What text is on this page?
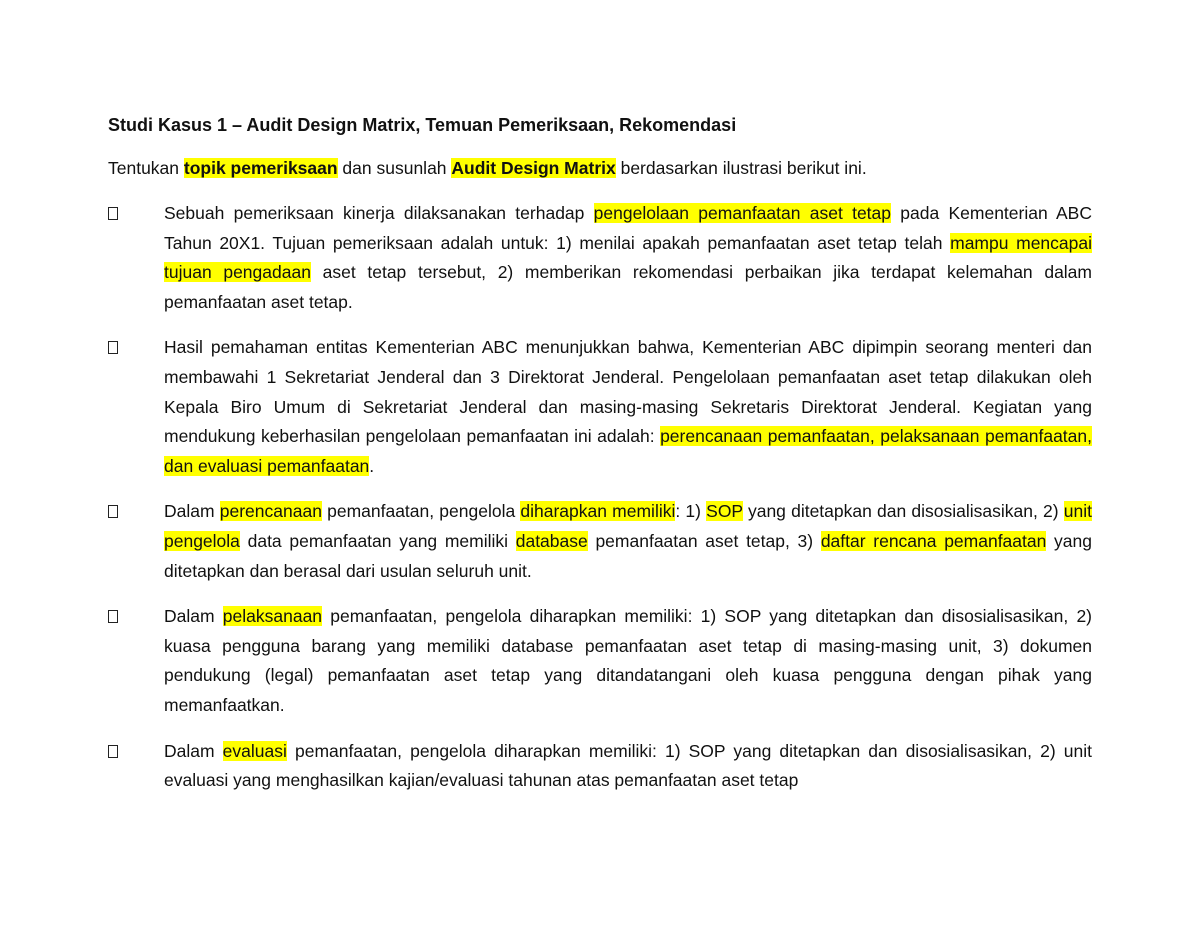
Studi Kasus 1 – Audit Design Matrix, Temuan Pemeriksaan, Rekomendasi
Tentukan topik pemeriksaan dan susunlah Audit Design Matrix berdasarkan ilustrasi berikut ini.
Sebuah pemeriksaan kinerja dilaksanakan terhadap pengelolaan pemanfaatan aset tetap pada Kementerian ABC Tahun 20X1. Tujuan pemeriksaan adalah untuk: 1) menilai apakah pemanfaatan aset tetap telah mampu mencapai tujuan pengadaan aset tetap tersebut, 2) memberikan rekomendasi perbaikan jika terdapat kelemahan dalam pemanfaatan aset tetap.
Hasil pemahaman entitas Kementerian ABC menunjukkan bahwa, Kementerian ABC dipimpin seorang menteri dan membawahi 1 Sekretariat Jenderal dan 3 Direktorat Jenderal. Pengelolaan pemanfaatan aset tetap dilakukan oleh Kepala Biro Umum di Sekretariat Jenderal dan masing-masing Sekretaris Direktorat Jenderal. Kegiatan yang mendukung keberhasilan pengelolaan pemanfaatan ini adalah: perencanaan pemanfaatan, pelaksanaan pemanfaatan, dan evaluasi pemanfaatan.
Dalam perencanaan pemanfaatan, pengelola diharapkan memiliki: 1) SOP yang ditetapkan dan disosialisasikan, 2) unit pengelola data pemanfaatan yang memiliki database pemanfaatan aset tetap, 3) daftar rencana pemanfaatan yang ditetapkan dan berasal dari usulan seluruh unit.
Dalam pelaksanaan pemanfaatan, pengelola diharapkan memiliki: 1) SOP yang ditetapkan dan disosialisasikan, 2) kuasa pengguna barang yang memiliki database pemanfaatan aset tetap di masing-masing unit, 3) dokumen pendukung (legal) pemanfaatan aset tetap yang ditandatangani oleh kuasa pengguna dengan pihak yang memanfaatkan.
Dalam evaluasi pemanfaatan, pengelola diharapkan memiliki: 1) SOP yang ditetapkan dan disosialisasikan, 2) unit evaluasi yang menghasilkan kajian/evaluasi tahunan atas pemanfaatan aset tetap
